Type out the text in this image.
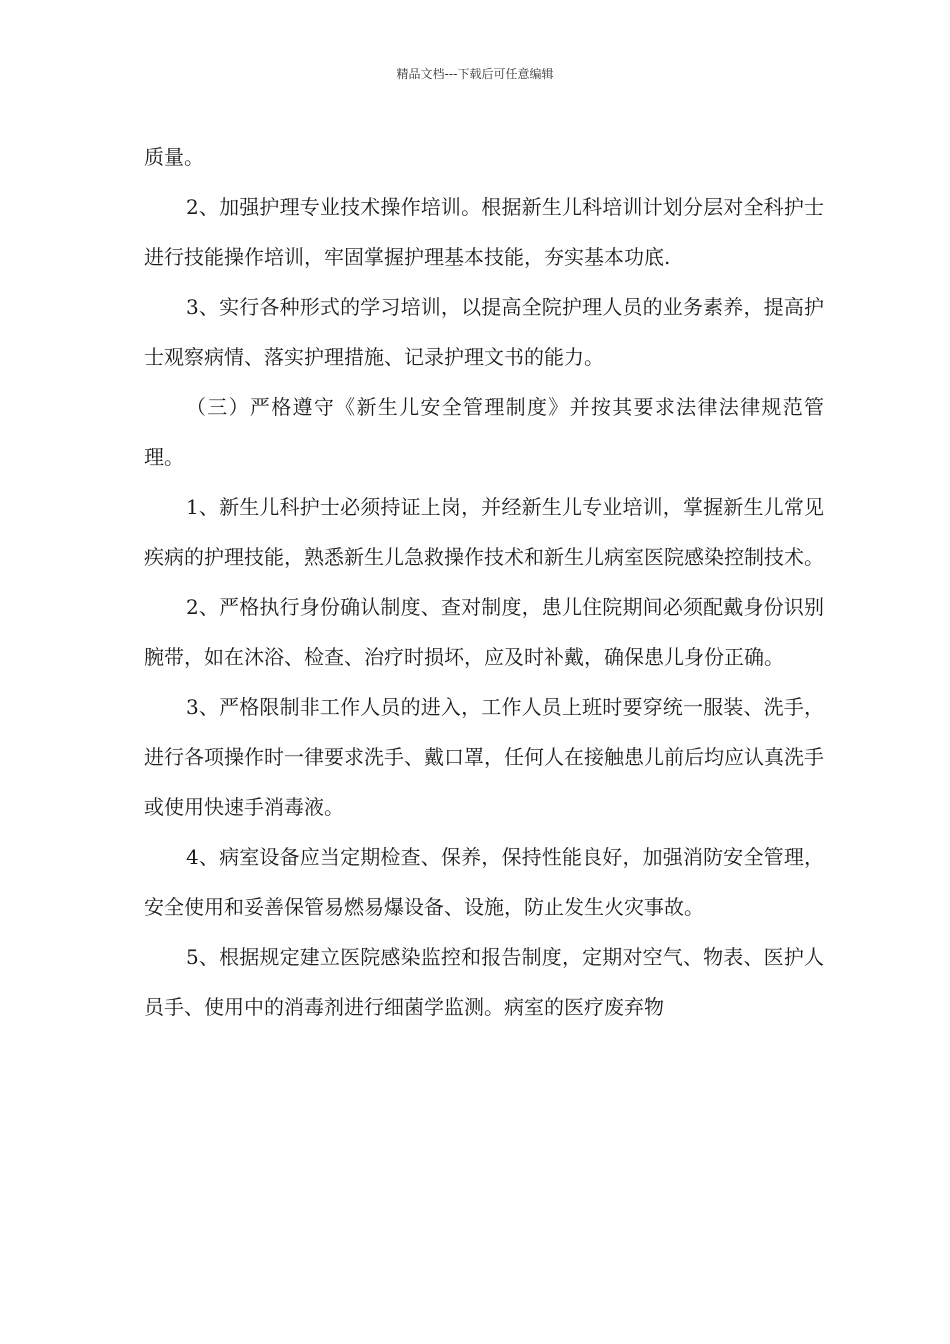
精品文档---下载后可任意编辑

质量。

2、加强护理专业技术操作培训。根据新生儿科培训计划分层对全科护士进行技能操作培训，牢固掌握护理基本技能，夯实基本功底.

3、实行各种形式的学习培训，以提高全院护理人员的业务素养，提高护士观察病情、落实护理措施、记录护理文书的能力。

（三）严格遵守《新生儿安全管理制度》并按其要求法律法律规范管理。

1、新生儿科护士必须持证上岗，并经新生儿专业培训，掌握新生儿常见疾病的护理技能，熟悉新生儿急救操作技术和新生儿病室医院感染控制技术。

2、严格执行身份确认制度、查对制度，患儿住院期间必须配戴身份识别腕带，如在沐浴、检查、治疗时损坏，应及时补戴，确保患儿身份正确。

3、严格限制非工作人员的进入，工作人员上班时要穿统一服装、洗手，进行各项操作时一律要求洗手、戴口罩，任何人在接触患儿前后均应认真洗手或使用快速手消毒液。

4、病室设备应当定期检查、保养，保持性能良好，加强消防安全管理，安全使用和妥善保管易燃易爆设备、设施，防止发生火灾事故。

5、根据规定建立医院感染监控和报告制度，定期对空气、物表、医护人员手、使用中的消毒剂进行细菌学监测。病室的医疗废弃物
